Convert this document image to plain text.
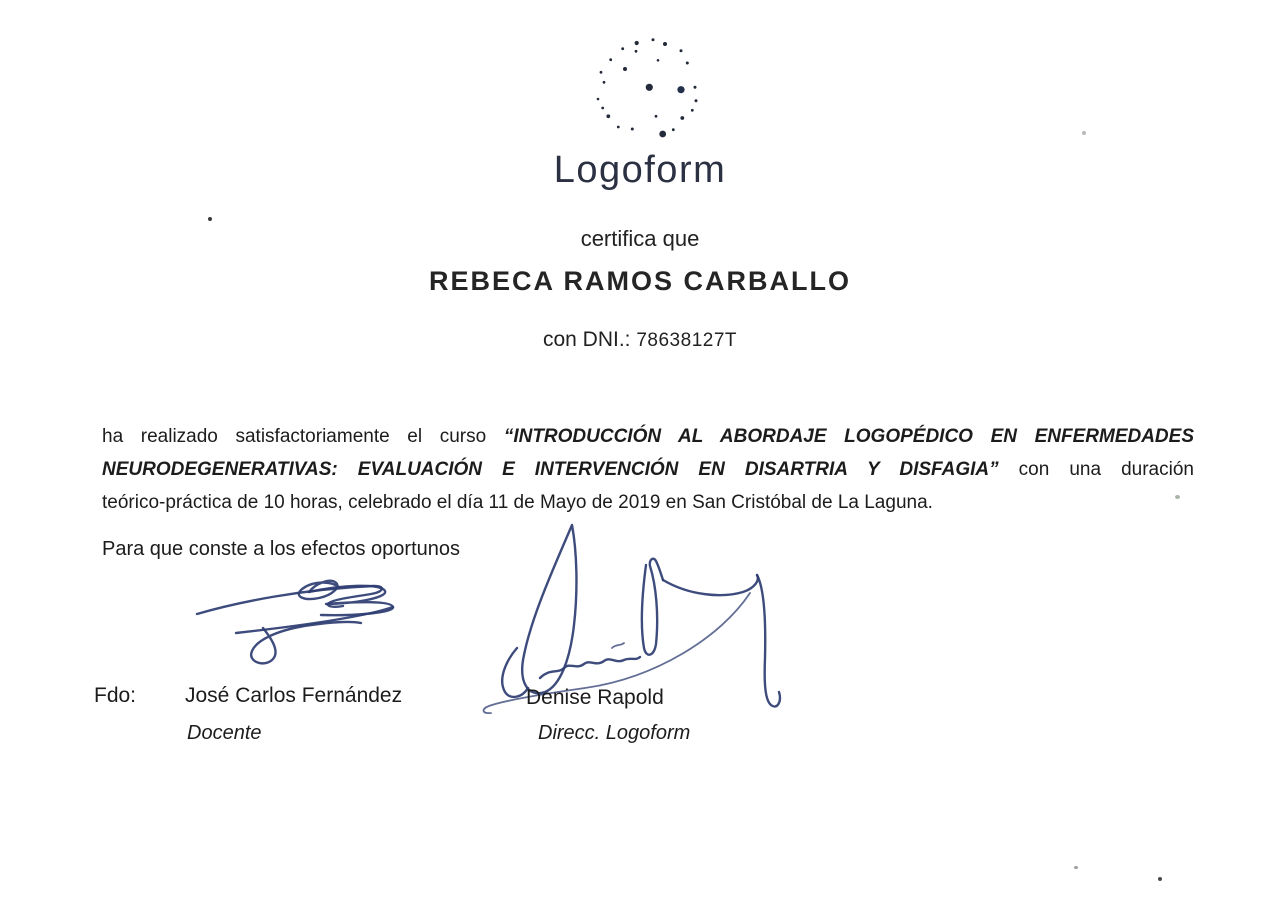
Logoform
certifica que
REBECA RAMOS CARBALLO
con DNI.: 78638127T
ha realizado satisfactoriamente el curso “INTRODUCCIÓN AL ABORDAJE LOGOPÉDICO EN ENFERMEDADES
NEURODEGENERATIVAS: EVALUACIÓN E INTERVENCIÓN EN DISARTRIA Y DISFAGIA” con una duración
teórico-práctica de 10 horas, celebrado el día 11 de Mayo de 2019 en San Cristóbal de La Laguna.
Para que conste a los efectos oportunos
Fdo: José Carlos Fernández
Docente
Denise Rapold
Direcc. Logoform
